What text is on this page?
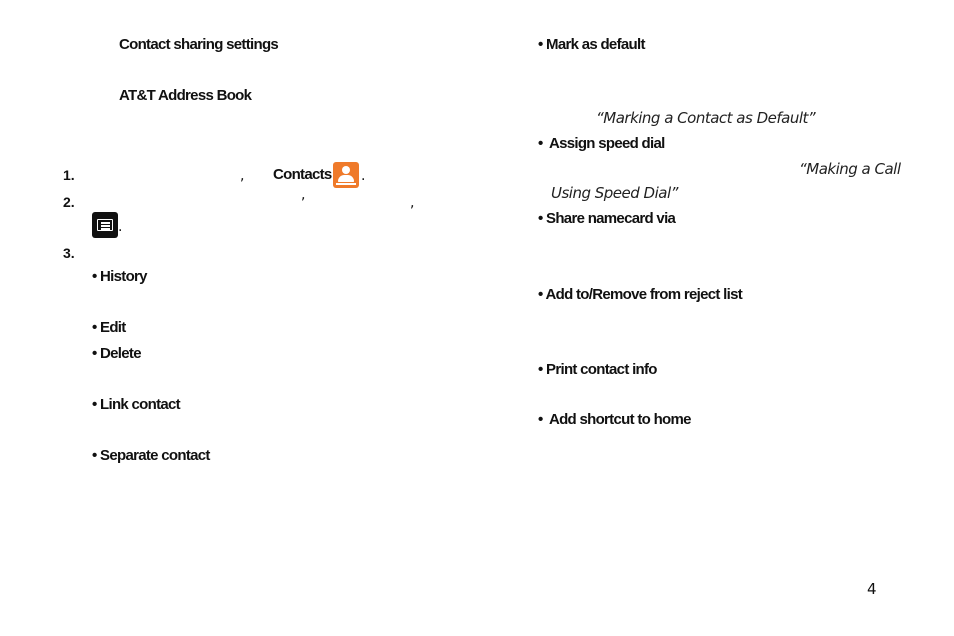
Contact sharing settings
AT&T Address Book
1.	, Contacts .
2.	,	,
.
3.
• History
• Edit
• Delete
• Link contact
• Separate contact
• Mark as default
“Marking a Contact as Default”
• Assign speed dial
“Making a Call
Using Speed Dial”
• Share namecard via
• Add to/Remove from reject list
• Print contact info
• Add shortcut to home
4
